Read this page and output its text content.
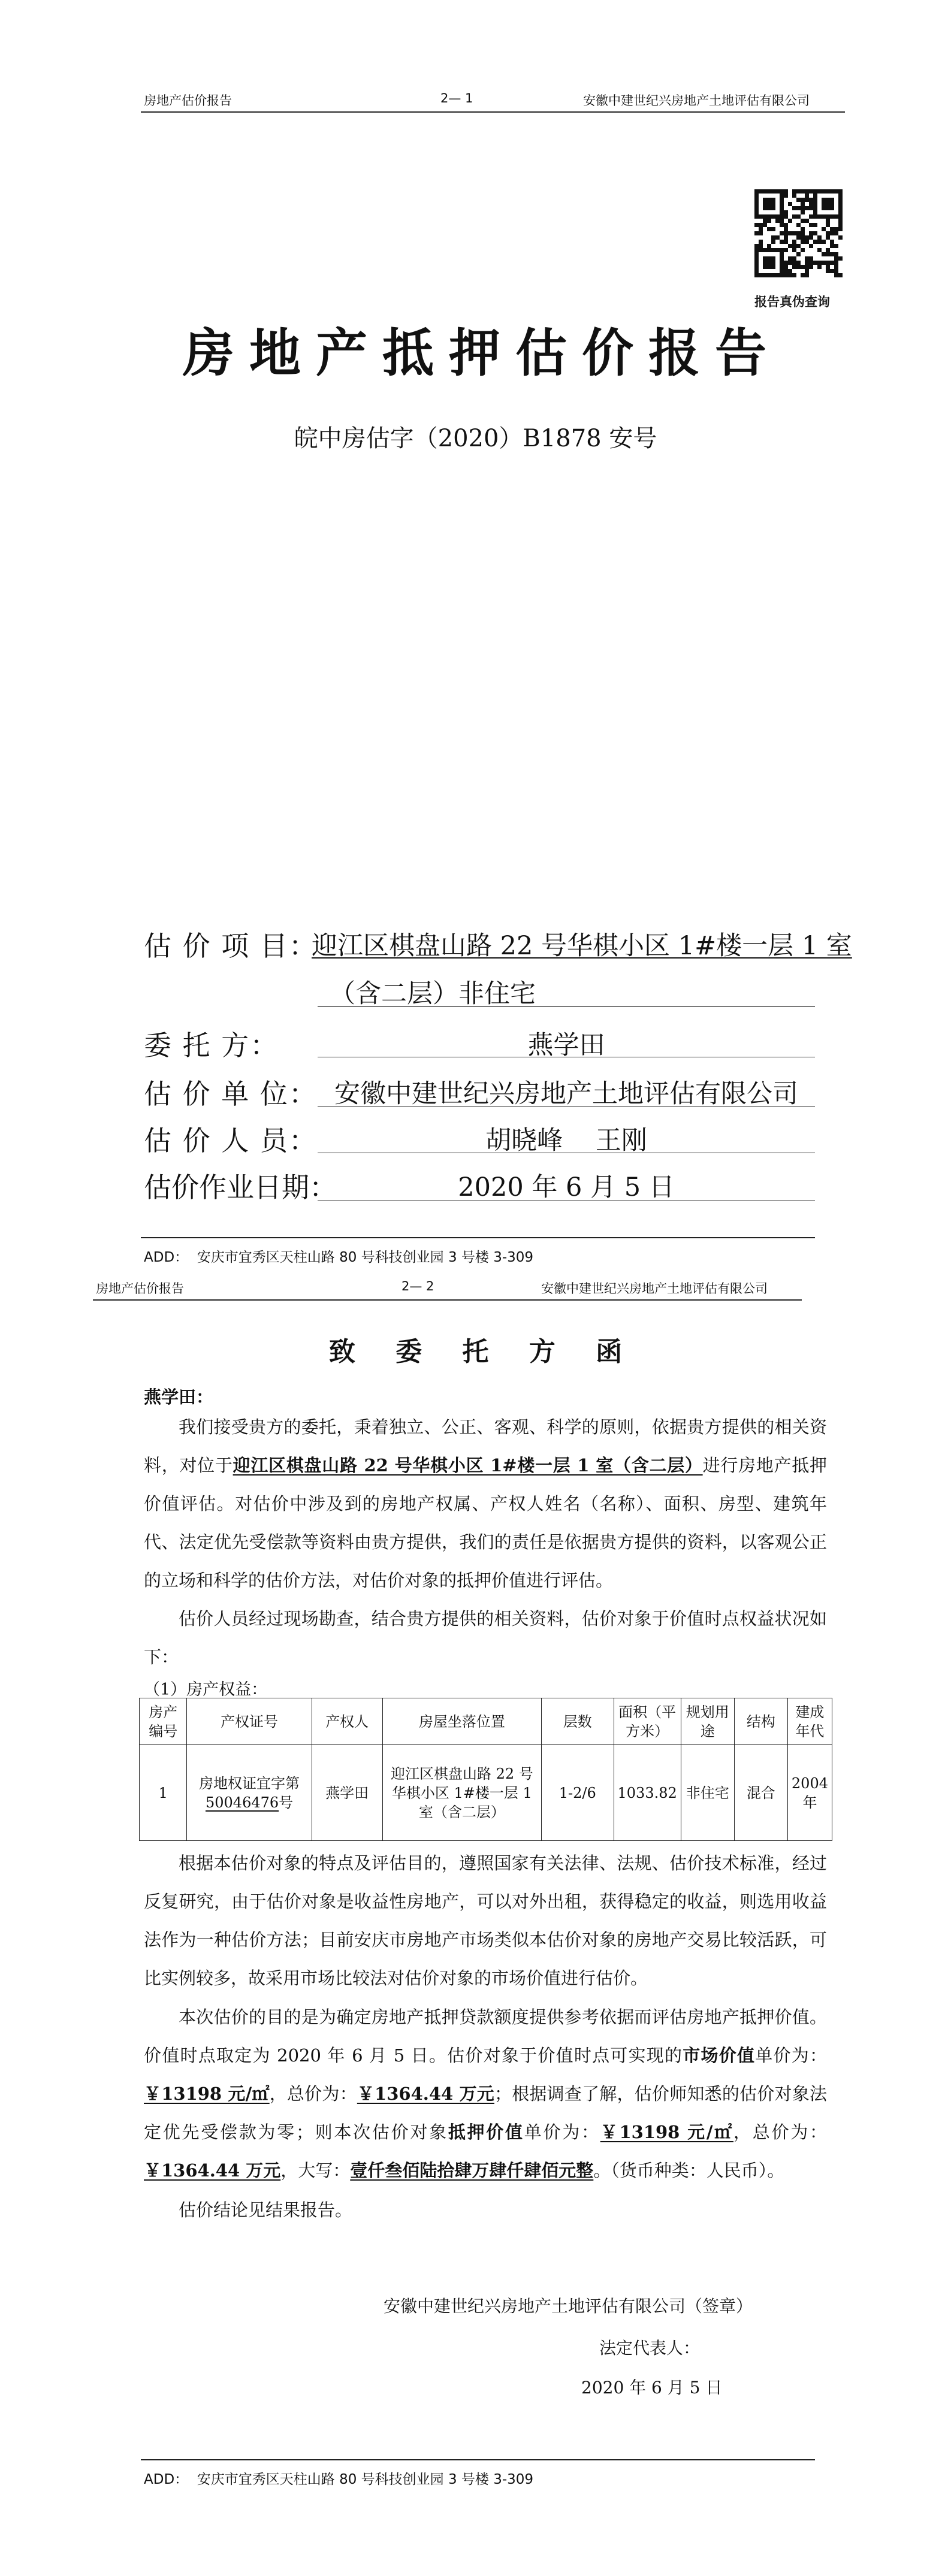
房地产估价报告	2— 1	安徽中建世纪兴房地产土地评估有限公司
报告真伪查询
房地产抵押估价报告
皖中房估字（2020）B1878 安号
估 价 项 目：
迎江区棋盘山路 22 号华棋小区 1#楼一层 1 室
（含二层）非住宅
委 托 方：	燕学田
估 价 单 位： 安徽中建世纪兴房地产土地评估有限公司
估 价 人 员：	胡晓峰    王刚
估价作业日期：	2020 年 6 月 5 日
ADD：  安庆市宜秀区天柱山路 80 号科技创业园 3 号楼 3-309
房地产估价报告	2— 2	安徽中建世纪兴房地产土地评估有限公司
致 委 托 方 函
燕学田：
我们接受贵方的委托，秉着独立、公正、客观、科学的原则，依据贵方提供的相关资料，对位于迎江区棋盘山路 22 号华棋小区 1#楼一层 1 室（含二层）进行房地产抵押价值评估。对估价中涉及到的房地产权属、产权人姓名（名称）、面积、房型、建筑年代、法定优先受偿款等资料由贵方提供，我们的责任是依据贵方提供的资料，以客观公正的立场和科学的估价方法，对估价对象的抵押价值进行评估。
估价人员经过现场勘查，结合贵方提供的相关资料，估价对象于价值时点权益状况如下：
（1）房产权益：
房产编号	产权证号	产权人	房屋坐落位置	层数	面积（平方米）	规划用途	结构	建成年代
1	房地权证宜字第50046476号	燕学田	迎江区棋盘山路 22 号华棋小区 1#楼一层 1 室（含二层）	1-2/6	1033.82	非住宅	混合	2004年
根据本估价对象的特点及评估目的，遵照国家有关法律、法规、估价技术标准，经过反复研究，由于估价对象是收益性房地产，可以对外出租，获得稳定的收益，则选用收益法作为一种估价方法；目前安庆市房地产市场类似本估价对象的房地产交易比较活跃，可比实例较多，故采用市场比较法对估价对象的市场价值进行估价。
本次估价的目的是为确定房地产抵押贷款额度提供参考依据而评估房地产抵押价值。价值时点取定为 2020 年 6 月 5 日。估价对象于价值时点可实现的市场价值单价为：￥13198 元/㎡，总价为：￥1364.44 万元；根据调查了解，估价师知悉的估价对象法定优先受偿款为零；则本次估价对象抵押价值单价为：￥13198 元/㎡，总价为：￥1364.44 万元，大写：壹仟叁佰陆拾肆万肆仟肆佰元整。（货币种类：人民币）。
估价结论见结果报告。
安徽中建世纪兴房地产土地评估有限公司（签章）
法定代表人：
2020 年 6 月 5 日
ADD：  安庆市宜秀区天柱山路 80 号科技创业园 3 号楼 3-309
